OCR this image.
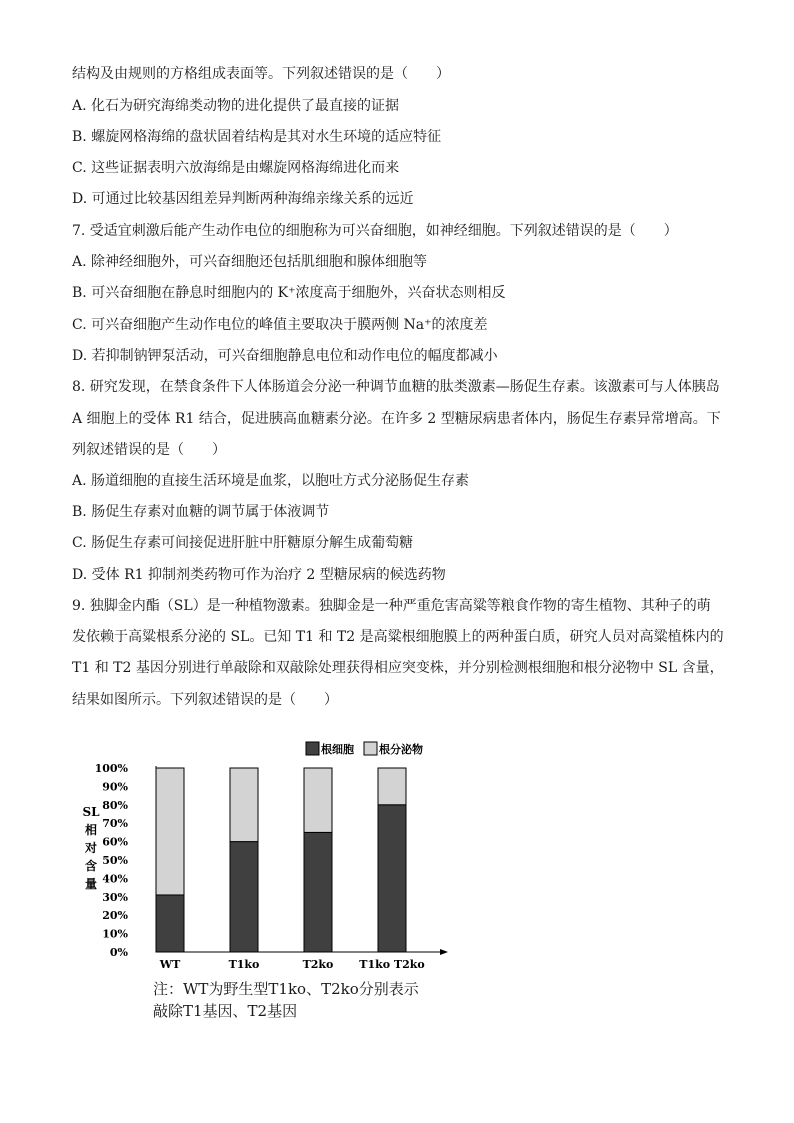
结构及由规则的方格组成表面等。下列叙述错误的是（　　）
A. 化石为研究海绵类动物的进化提供了最直接的证据
B. 螺旋网格海绵的盘状固着结构是其对水生环境的适应特征
C. 这些证据表明六放海绵是由螺旋网格海绵进化而来
D. 可通过比较基因组差异判断两种海绵亲缘关系的远近
7. 受适宜刺激后能产生动作电位的细胞称为可兴奋细胞，如神经细胞。下列叙述错误的是（　　）
A. 除神经细胞外，可兴奋细胞还包括肌细胞和腺体细胞等
B. 可兴奋细胞在静息时细胞内的 K⁺浓度高于细胞外，兴奋状态则相反
C. 可兴奋细胞产生动作电位的峰值主要取决于膜两侧 Na⁺的浓度差
D. 若抑制钠钾泵活动，可兴奋细胞静息电位和动作电位的幅度都减小
8. 研究发现，在禁食条件下人体肠道会分泌一种调节血糖的肽类激素—肠促生存素。该激素可与人体胰岛
A 细胞上的受体 R1 结合，促进胰高血糖素分泌。在许多 2 型糖尿病患者体内，肠促生存素异常增高。下
列叙述错误的是（　　）
A. 肠道细胞的直接生活环境是血浆，以胞吐方式分泌肠促生存素
B. 肠促生存素对血糖的调节属于体液调节
C. 肠促生存素可间接促进肝脏中肝糖原分解生成葡萄糖
D. 受体 R1 抑制剂类药物可作为治疗 2 型糖尿病的候选药物
9. 独脚金内酯（SL）是一种植物激素。独脚金是一种严重危害高粱等粮食作物的寄生植物、其种子的萌
发依赖于高粱根系分泌的 SL。已知 T1 和 T2 是高粱根细胞膜上的两种蛋白质，研究人员对高粱植株内的
T1 和 T2 基因分别进行单敲除和双敲除处理获得相应突变株，并分别检测根细胞和根分泌物中 SL 含量，
结果如图所示。下列叙述错误的是（　　）
0%
10%
20%
30%
40%
50%
60%
70%
80%
90%
100%
SL
相
对
含
量
WT	T1ko	T2ko T1ko T2ko
根细胞 根分泌物
注：WT为野生型T1ko、T2ko分别表示
敲除T1基因、T2基因
